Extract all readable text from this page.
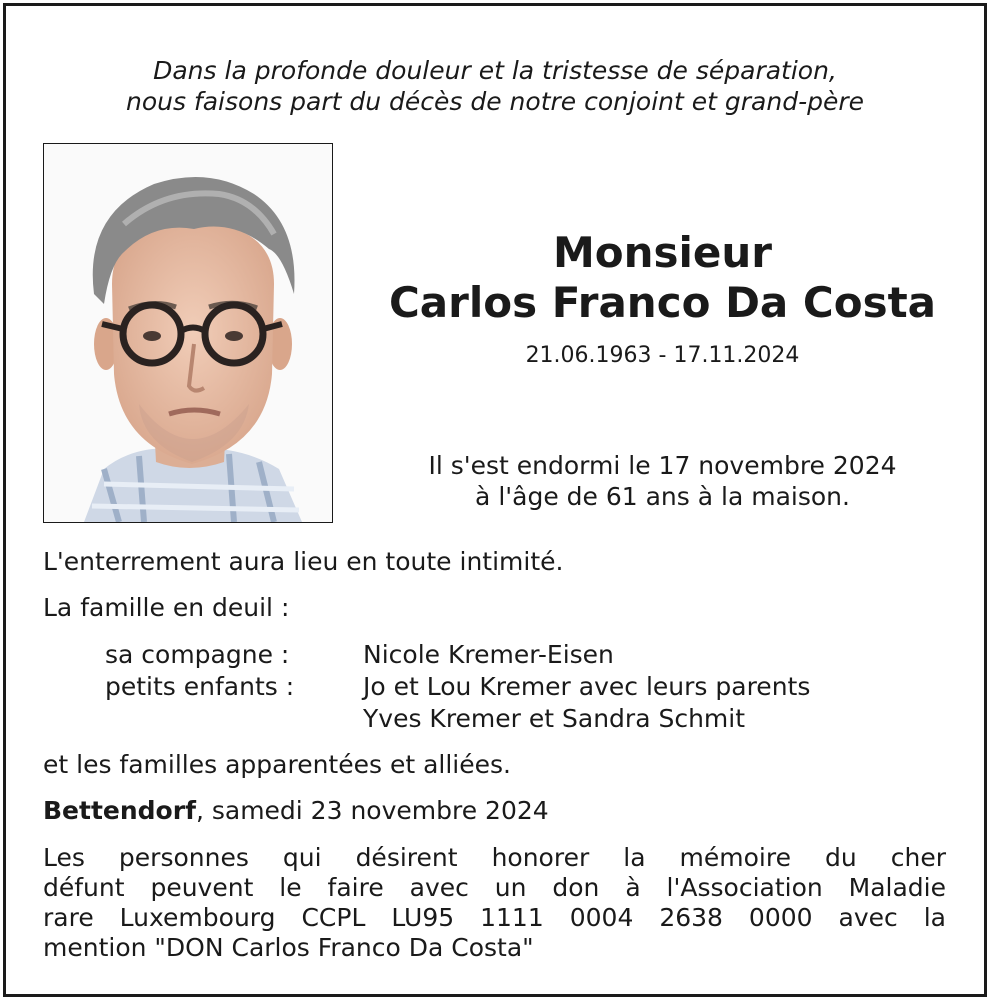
Dans la profonde douleur et la tristesse de séparation,
nous faisons part du décès de notre conjoint et grand-père
Monsieur
Carlos Franco Da Costa
21.06.1963 - 17.11.2024
Il s'est endormi le 17 novembre 2024
à l'âge de 61 ans à la maison.
L'enterrement aura lieu en toute intimité.
La famille en deuil :
sa compagne :	Nicole Kremer-Eisen
petits enfants :	Jo et Lou Kremer avec leurs parents
Yves Kremer et Sandra Schmit
et les familles apparentées et alliées.
Bettendorf, samedi 23 novembre 2024
Les personnes qui désirent honorer la mémoire du cher
défunt peuvent le faire avec un don à l'Association Maladie
rare Luxembourg CCPL LU95 1111 0004 2638 0000 avec la
mention "DON Carlos Franco Da Costa"
